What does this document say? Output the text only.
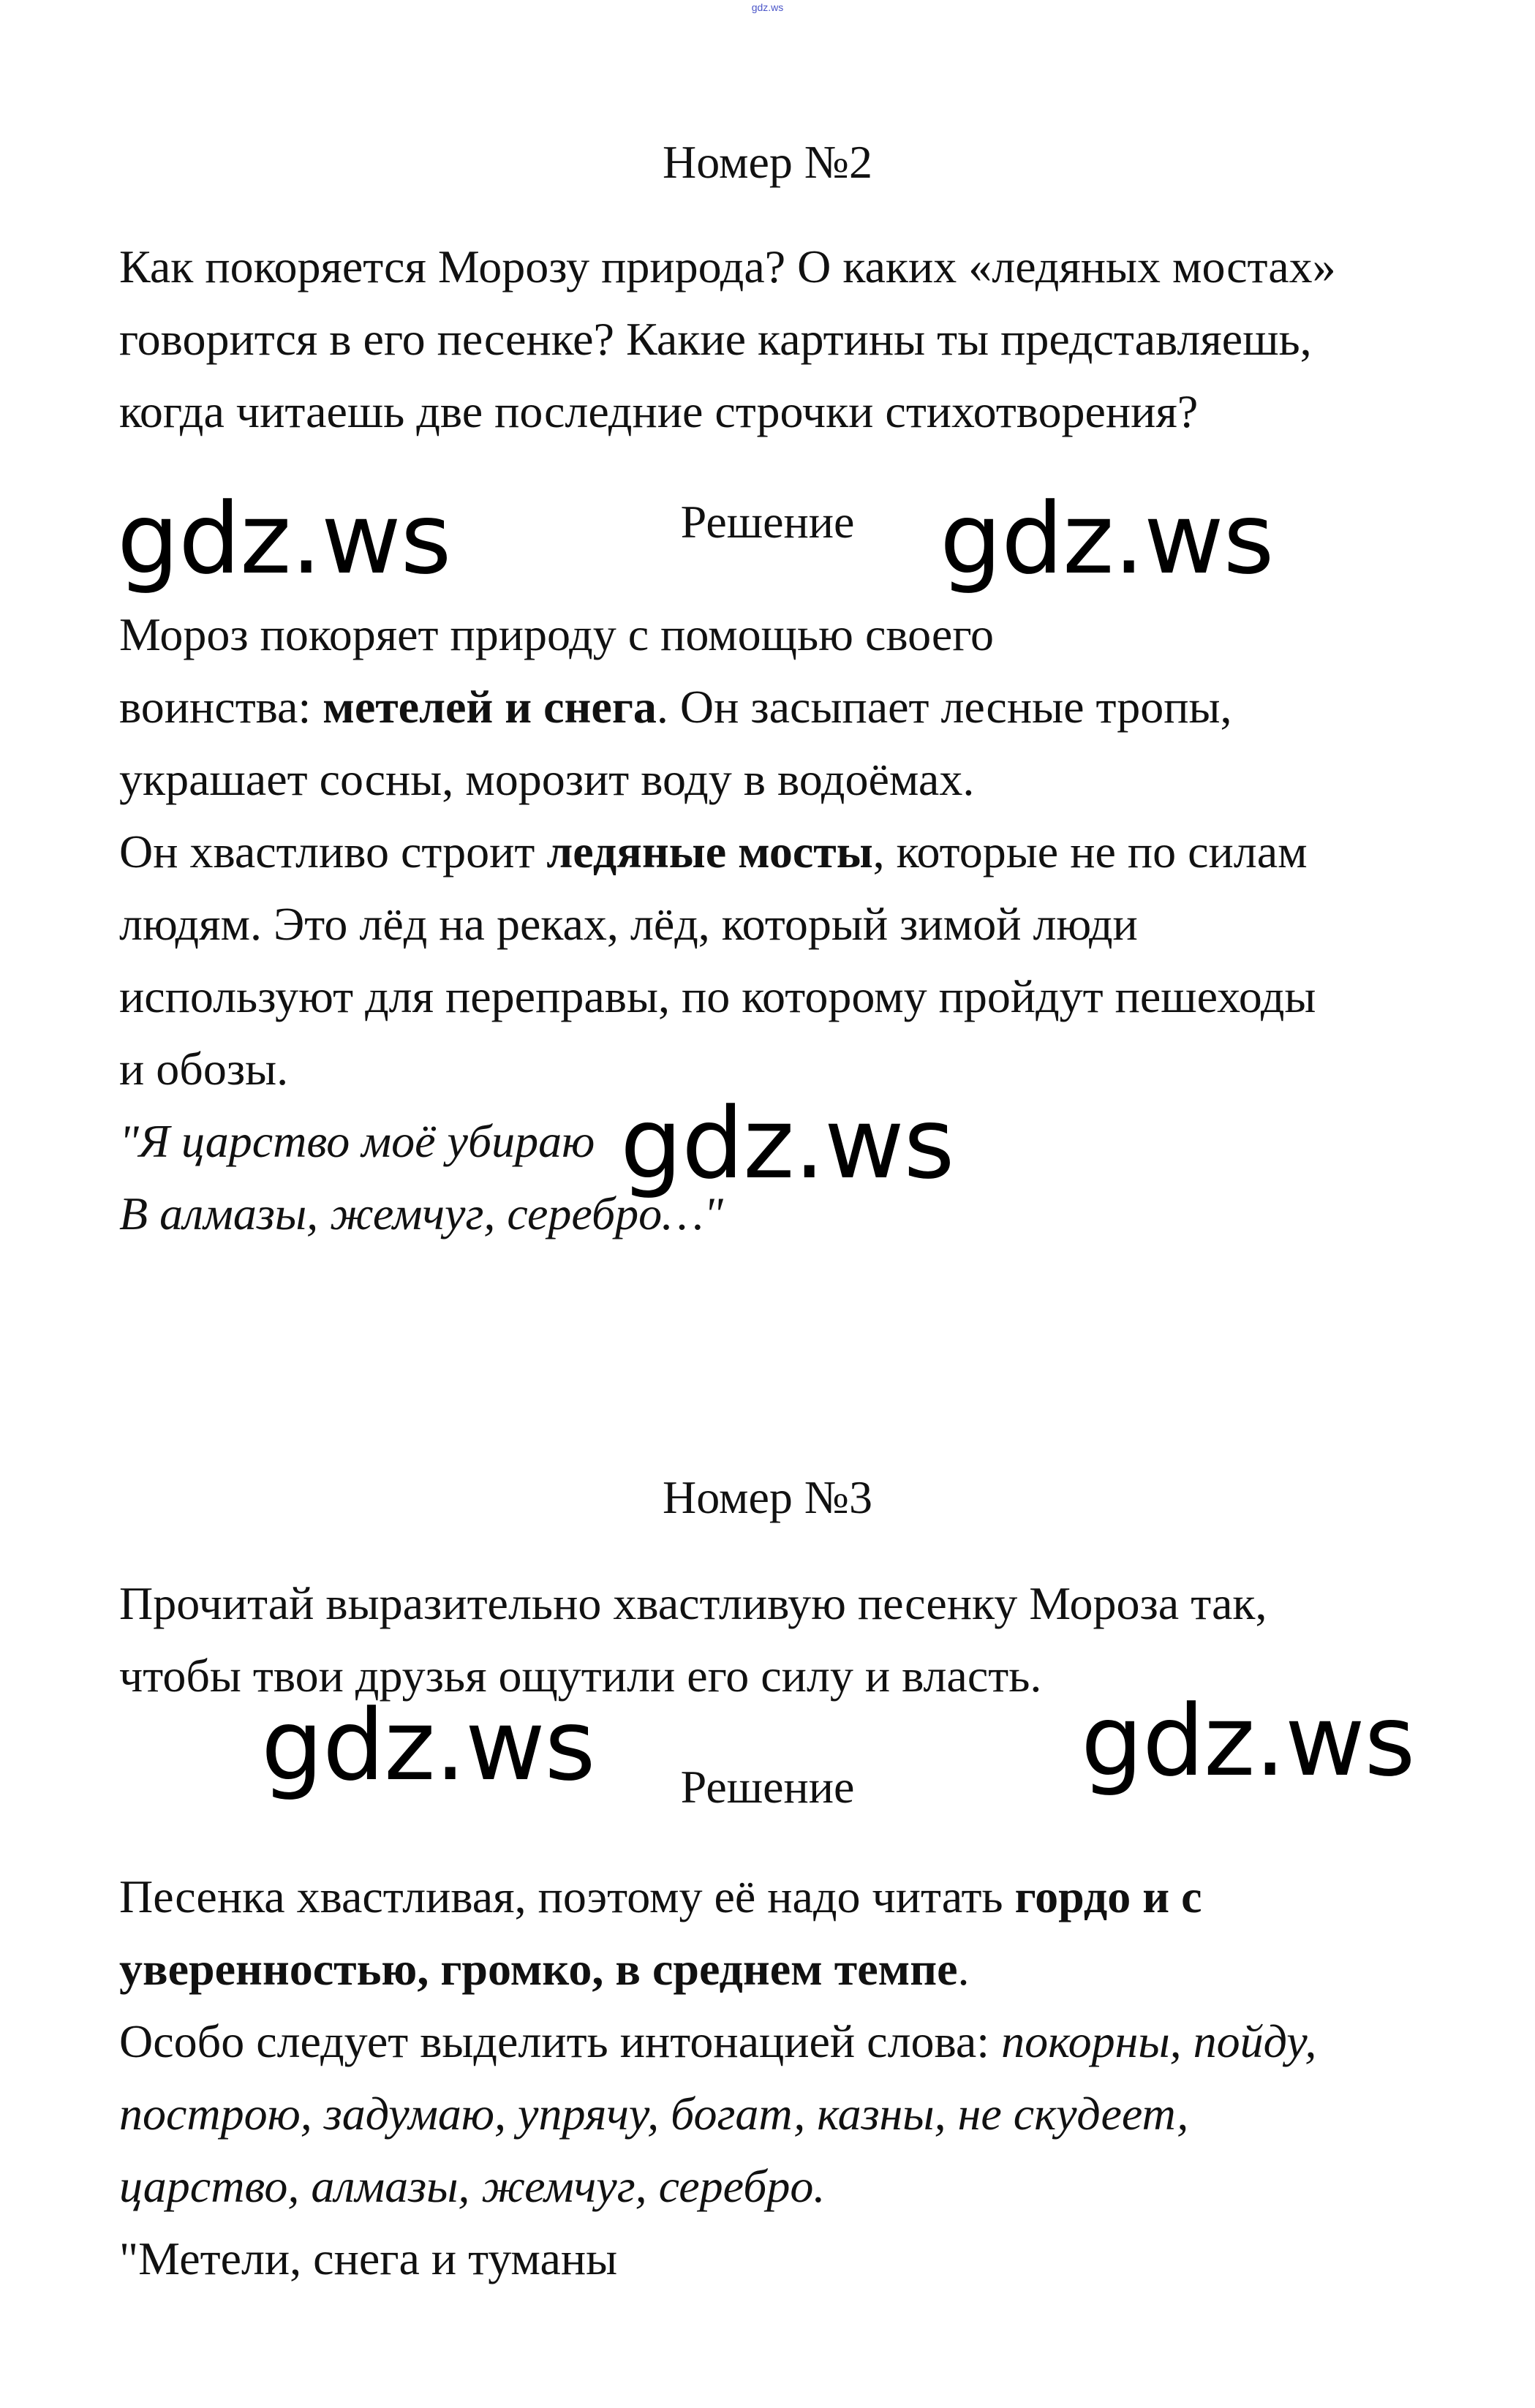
gdz.ws
Номер №2
Как покоряется Морозу природа? О каких «ледяных мостах»
говорится в его песенке? Какие картины ты представляешь,
когда читаешь две последние строчки стихотворения?
gdz.ws	Решение gdz.ws
Мороз покоряет природу с помощью своего
воинства: метелей и снега. Он засыпает лесные тропы,
украшает сосны, морозит воду в водоёмах.
Он хвастливо строит ледяные мосты, которые не по силам
людям. Это лёд на реках, лёд, который зимой люди
используют для переправы, по которому пройдут пешеходы
и обозы.
"Я царство моё убираю
В алмазы, жемчуг, серебро…"
gdz.ws
Номер №3
Прочитай выразительно хвастливую песенку Мороза так,
чтобы твои друзья ощутили его силу и власть.
gdz.ws	Решение	gdz.ws
Песенка хвастливая, поэтому её надо читать гордо и с
уверенностью, громко, в среднем темпе.
Особо следует выделить интонацией слова: покорны, пойду,
построю, задумаю, упрячу, богат, казны, не скудеет,
царство, алмазы, жемчуг, серебро.
"Метели, снега и туманы
